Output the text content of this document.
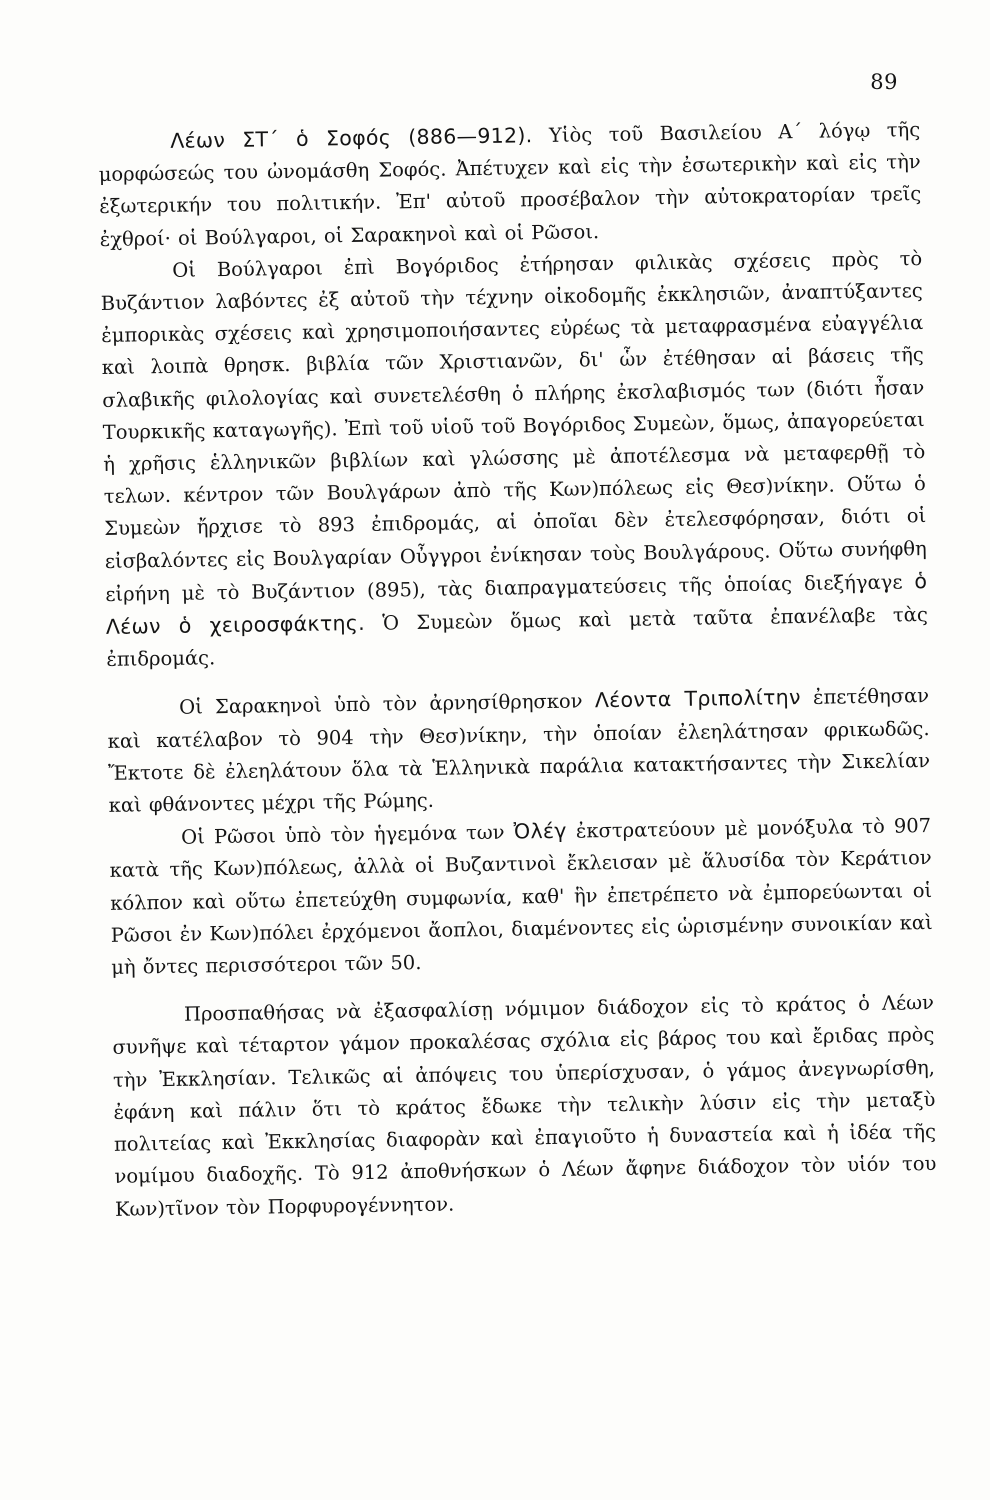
89

Λέων ΣΤ΄ ὁ Σοφός (886—912). Υἱὸς τοῦ Βασιλείου Α΄ λόγῳ τῆς μορφώσεώς του ὠνομάσθη Σοφός. Ἀπέτυχεν καὶ εἰς τὴν ἐσωτερικὴν καὶ εἰς τὴν ἐξωτερικήν του πολιτικήν. Ἐπ' αὐτοῦ προσέβαλον τὴν αὐτοκρατορίαν τρεῖς ἐχθροί· οἱ Βούλγαροι, οἱ Σαρακηνοὶ καὶ οἱ Ρῶσοι.

Οἱ Βούλγαροι ἐπὶ Βογόριδος ἐτήρησαν φιλικὰς σχέσεις πρὸς τὸ Βυζάντιον λαβόντες ἐξ αὐτοῦ τὴν τέχνην οἰκοδομῆς ἐκκλησιῶν, ἀναπτύξαντες ἐμπορικὰς σχέσεις καὶ χρησιμοποιήσαντες εὐρέως τὰ μεταφρασμένα εὐαγγέλια καὶ λοιπὰ θρησκ. βιβλία τῶν Χριστιανῶν, δι' ὧν ἐτέθησαν αἱ βάσεις τῆς σλαβικῆς φιλολογίας καὶ συνετελέσθη ὁ πλήρης ἐκσλαβισμός των (διότι ἦσαν Τουρκικῆς καταγωγῆς). Ἐπὶ τοῦ υἱοῦ τοῦ Βογόριδος Συμεὼν, ὅμως, ἀπαγορεύεται ἡ χρῆσις ἑλληνικῶν βιβλίων καὶ γλώσσης μὲ ἀποτέλεσμα νὰ μεταφερθῇ τὸ τελων. κέντρον τῶν Βουλγάρων ἀπὸ τῆς Κων)πόλεως εἰς Θεσ)νίκην. Οὕτω ὁ Συμεὼν ἤρχισε τὸ 893 ἐπιδρομάς, αἱ ὁποῖαι δὲν ἐτελεσφόρησαν, διότι οἱ εἰσβαλόντες εἰς Βουλγαρίαν Οὖγγροι ἐνίκησαν τοὺς Βουλγάρους. Οὕτω συνήφθη εἰρήνη μὲ τὸ Βυζάντιον (895), τὰς διαπραγματεύσεις τῆς ὁποίας διεξήγαγε ὁ Λέων ὁ χειροσφάκτης. Ὁ Συμεὼν ὅμως καὶ μετὰ ταῦτα ἐπανέλαβε τὰς ἐπιδρομάς.

Οἱ Σαρακηνοὶ ὑπὸ τὸν ἀρνησίθρησκον Λέοντα Τριπολίτην ἐπετέθησαν καὶ κατέλαβον τὸ 904 τὴν Θεσ)νίκην, τὴν ὁποίαν ἐλεηλάτησαν φρικωδῶς. Ἔκτοτε δὲ ἐλεηλάτουν ὅλα τὰ Ἑλληνικὰ παράλια κατακτήσαντες τὴν Σικελίαν καὶ φθάνοντες μέχρι τῆς Ρώμης.

Οἱ Ρῶσοι ὑπὸ τὸν ἡγεμόνα των Ὀλέγ ἐκστρατεύουν μὲ μονόξυλα τὸ 907 κατὰ τῆς Κων)πόλεως, ἀλλὰ οἱ Βυζαντινοὶ ἔκλεισαν μὲ ἅλυσίδα τὸν Κεράτιον κόλπον καὶ οὕτω ἐπετεύχθη συμφωνία, καθ' ἣν ἐπετρέπετο νὰ ἐμπορεύωνται οἱ Ρῶσοι ἐν Κων)πόλει ἐρχόμενοι ἄοπλοι, διαμένοντες εἰς ὡρισμένην συνοικίαν καὶ μὴ ὄντες περισσότεροι τῶν 50.

Προσπαθήσας νὰ ἐξασφαλίσῃ νόμιμον διάδοχον εἰς τὸ κράτος ὁ Λέων συνῆψε καὶ τέταρτον γάμον προκαλέσας σχόλια εἰς βάρος του καὶ ἔριδας πρὸς τὴν Ἐκκλησίαν. Τελικῶς αἱ ἀπόψεις του ὑπερίσχυσαν, ὁ γάμος ἀνεγνωρίσθη, ἐφάνη καὶ πάλιν ὅτι τὸ κράτος ἔδωκε τὴν τελικὴν λύσιν εἰς τὴν μεταξὺ πολιτείας καὶ Ἐκκλησίας διαφορὰν καὶ ἐπαγιοῦτο ἡ δυναστεία καὶ ἡ ἰδέα τῆς νομίμου διαδοχῆς. Τὸ 912 ἀποθνήσκων ὁ Λέων ἄφηνε διάδοχον τὸν υἱόν του Κων)τῖνον τὸν Πορφυρογέννητον.
